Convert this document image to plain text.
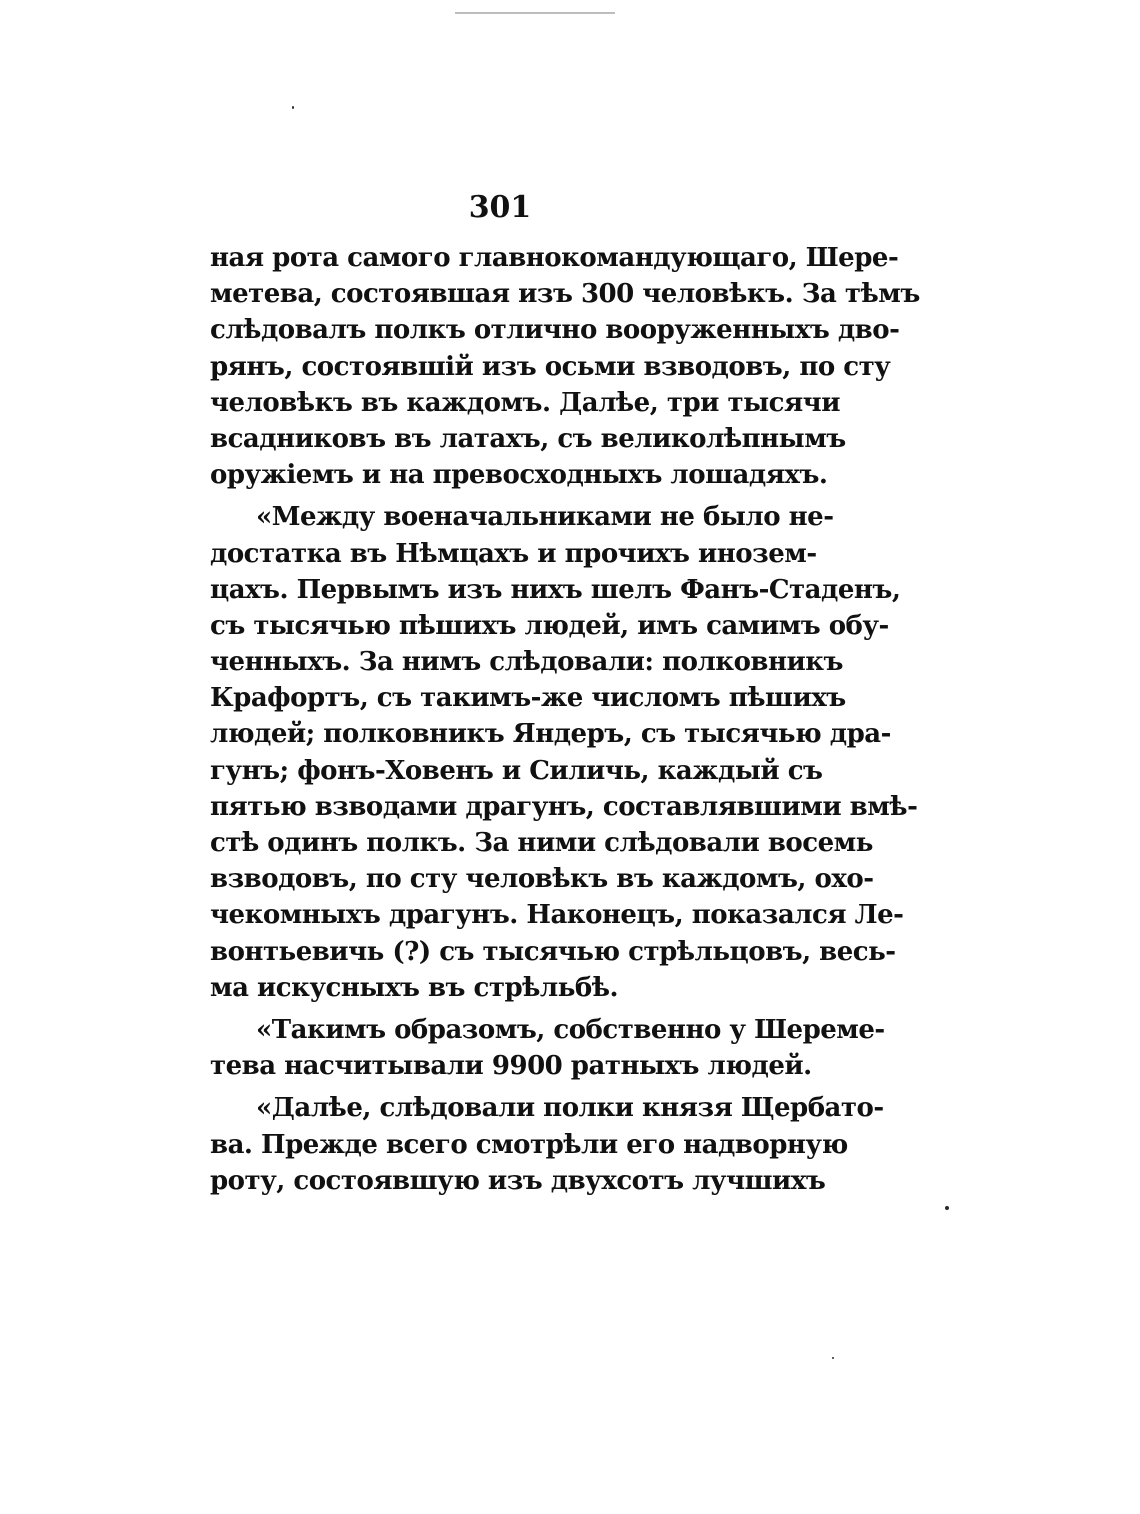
301
ная рота самого главнокомандующаго, Шере-
метева, состоявшая изъ 300 человѣкъ. За тѣмъ
слѣдовалъ полкъ отлично вооруженныхъ дво-
рянъ, состоявшій изъ осьми взводовъ, по сту
человѣкъ въ каждомъ. Далѣе, три тысячи
всадниковъ въ латахъ, съ великолѣпнымъ
оружіемъ и на превосходныхъ лошадяхъ.
«Между военачальниками не было не-
достатка въ Нѣмцахъ и прочихъ инозем-
цахъ. Первымъ изъ нихъ шелъ Фанъ-Стаденъ,
съ тысячью пѣшихъ людей, имъ самимъ обу-
ченныхъ. За нимъ слѣдовали: полковникъ
Крафортъ, съ такимъ-же числомъ пѣшихъ
людей; полковникъ Яндеръ, съ тысячью дра-
гунъ; фонъ-Ховенъ и Силичь, каждый съ
пятью взводами драгунъ, составлявшими вмѣ-
стѣ одинъ полкъ. За ними слѣдовали восемь
взводовъ, по сту человѣкъ въ каждомъ, охо-
чекомныхъ драгунъ. Наконецъ, показался Ле-
вонтьевичь (?) съ тысячью стрѣльцовъ, весь-
ма искусныхъ въ стрѣльбѣ.
«Такимъ образомъ, собственно у Шереме-
тева насчитывали 9900 ратныхъ людей.
«Далѣе, слѣдовали полки князя Щербато-
ва. Прежде всего смотрѣли его надворную
роту, состоявшую изъ двухсотъ лучшихъ
